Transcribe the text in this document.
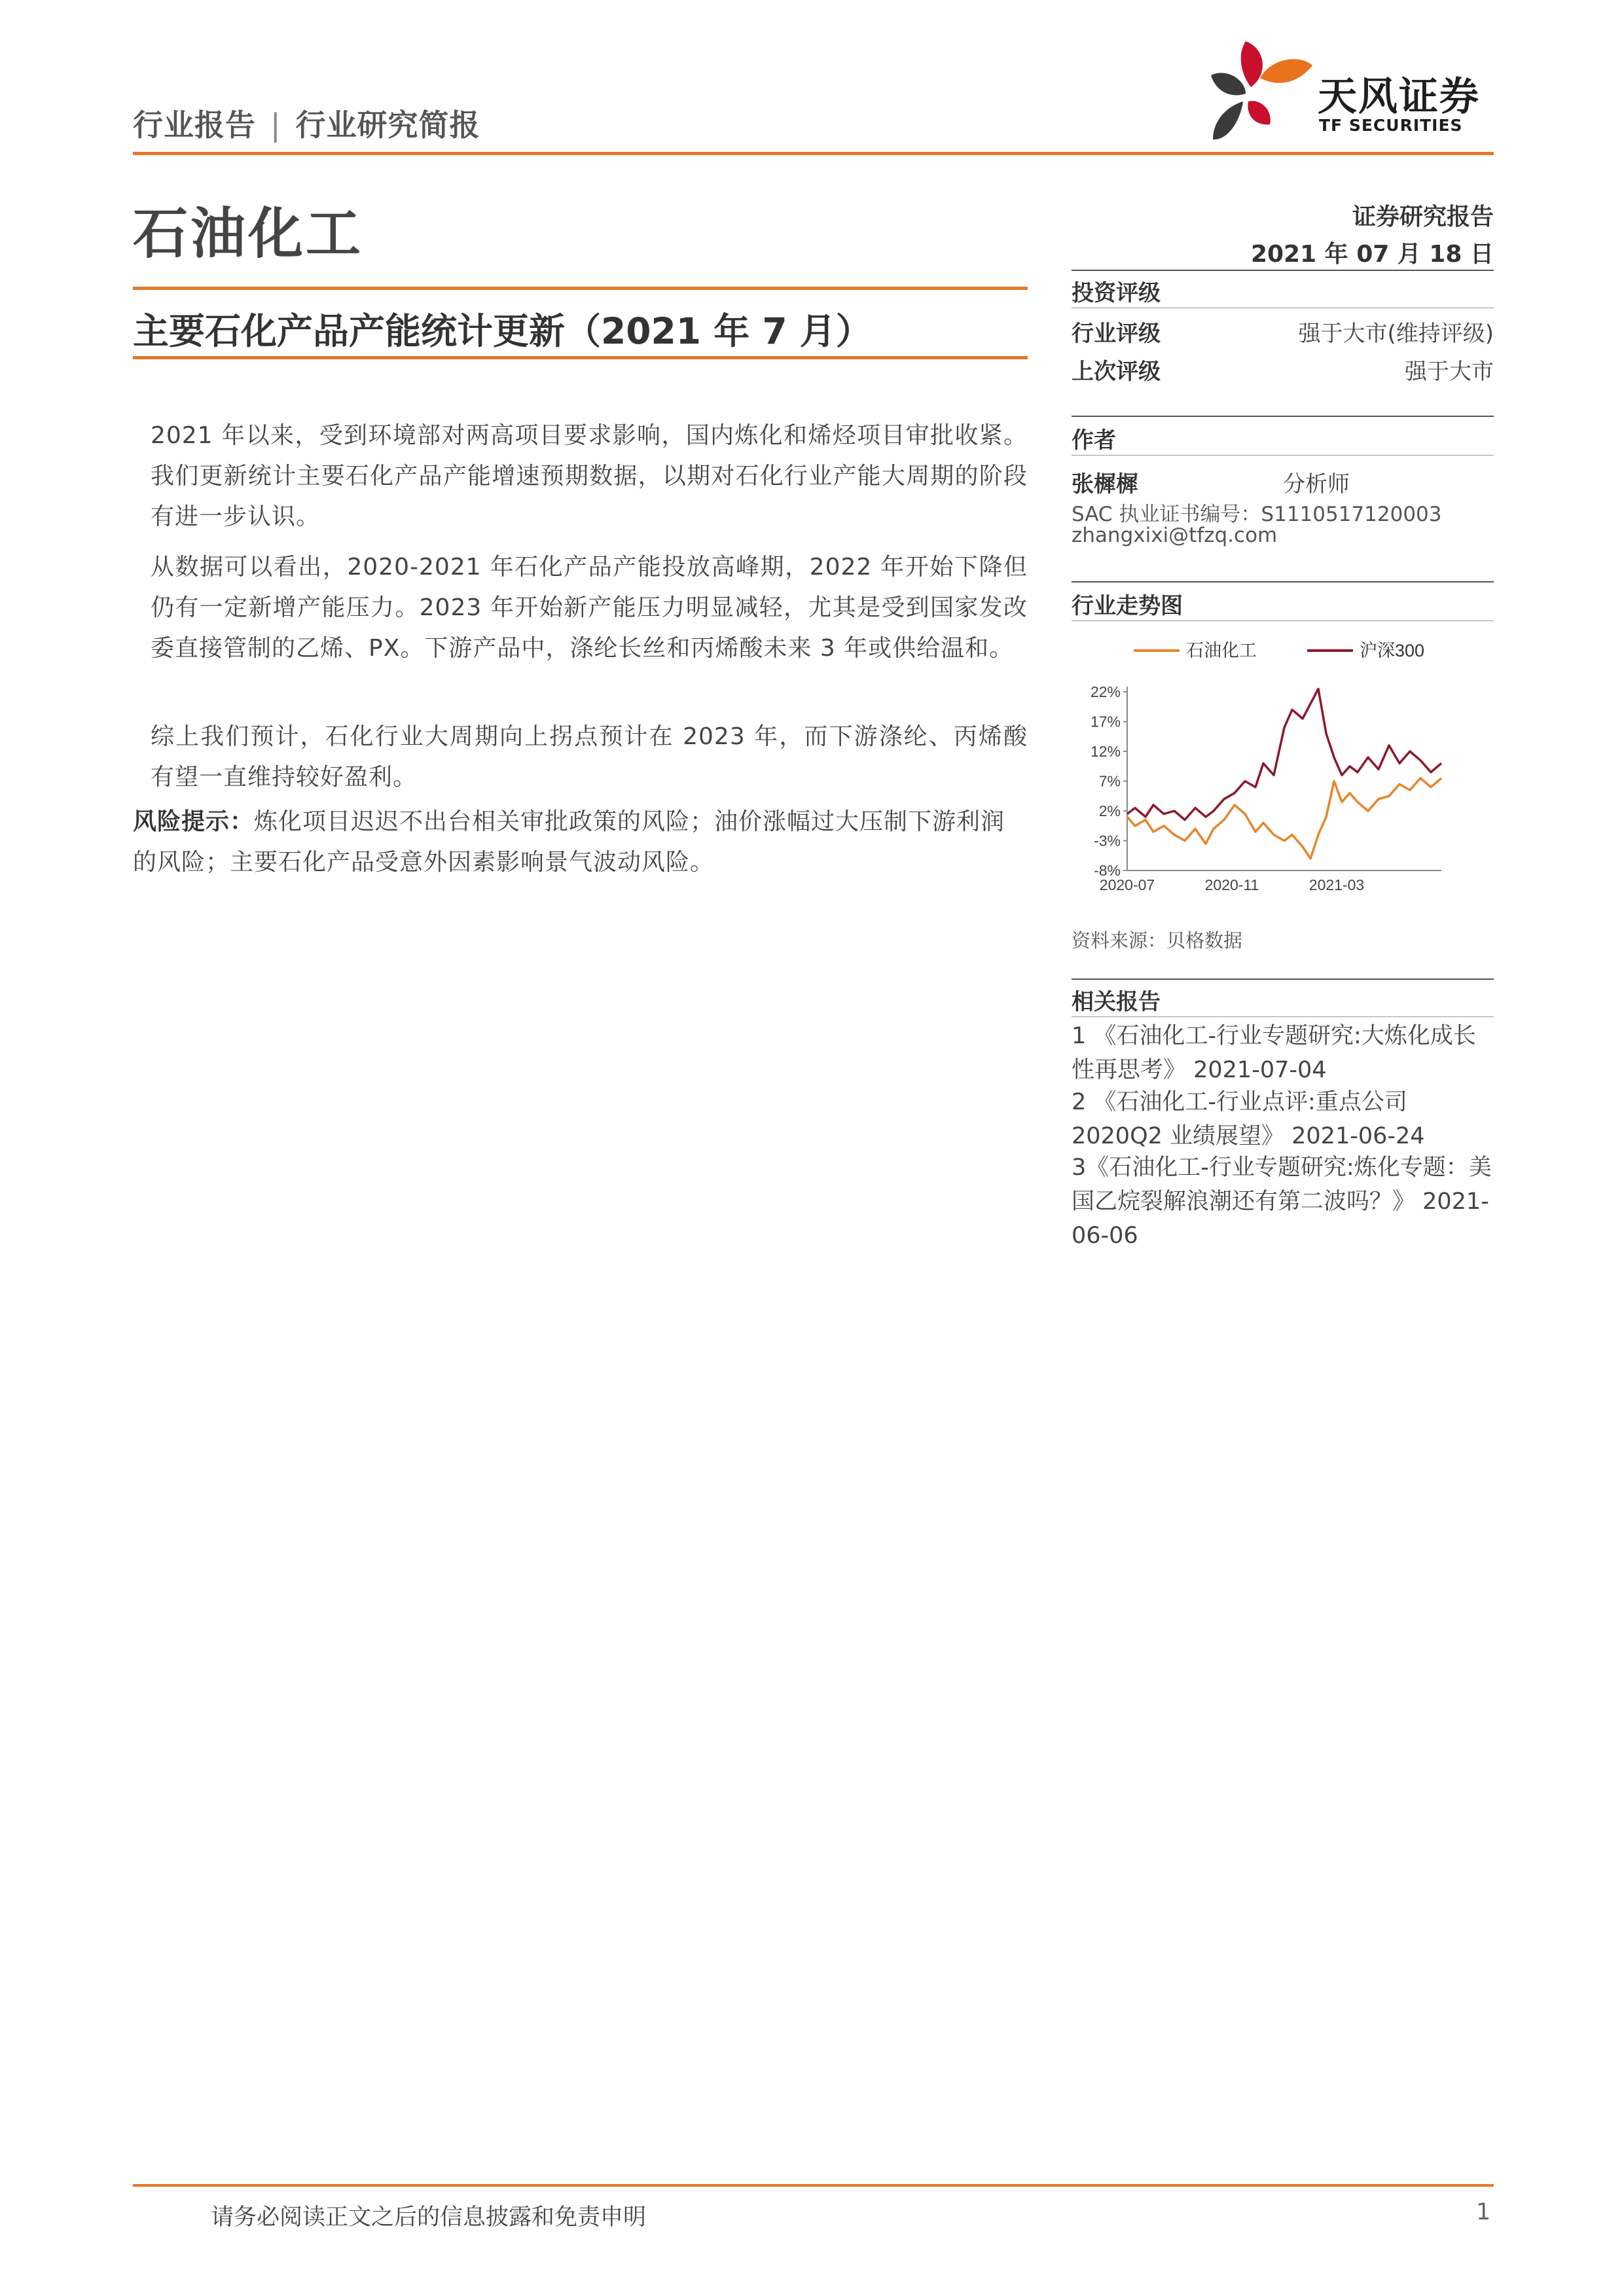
行业报告 | 行业研究简报
天风证券
TF SECURITIES
石油化工
主要石化产品产能统计更新（2021 年 7 月）
2021 年以来，受到环境部对两高项目要求影响，国内炼化和烯烃项目审批收紧。我们更新统计主要石化产品产能增速预期数据，以期对石化行业产能大周期的阶段有进一步认识。
从数据可以看出，2020-2021 年石化产品产能投放高峰期，2022 年开始下降但仍有一定新增产能压力。2023 年开始新产能压力明显减轻，尤其是受到国家发改委直接管制的乙烯、PX。下游产品中，涤纶长丝和丙烯酸未来 3 年或供给温和。
综上我们预计，石化行业大周期向上拐点预计在 2023 年，而下游涤纶、丙烯酸有望一直维持较好盈利。
风险提示：炼化项目迟迟不出台相关审批政策的风险；油价涨幅过大压制下游利润的风险；主要石化产品受意外因素影响景气波动风险。
证券研究报告
2021 年 07 月 18 日
投资评级
行业评级	强于大市(维持评级)
上次评级	强于大市
作者
张樨樨	分析师
SAC 执业证书编号：S1110517120003
zhangxixi@tfzq.com
行业走势图
22%
17%
12%
7%
2%
-3%
-8%
2020-07	2020-11	2021-03
石油化工	沪深300
资料来源：贝格数据
相关报告
1 《石油化工-行业专题研究:大炼化成长性再思考》 2021-07-04
2 《石油化工-行业点评:重点公司2020Q2 业绩展望》 2021-06-24
3《石油化工-行业专题研究:炼化专题：美国乙烷裂解浪潮还有第二波吗？》 2021-06-06
请务必阅读正文之后的信息披露和免责申明	1
